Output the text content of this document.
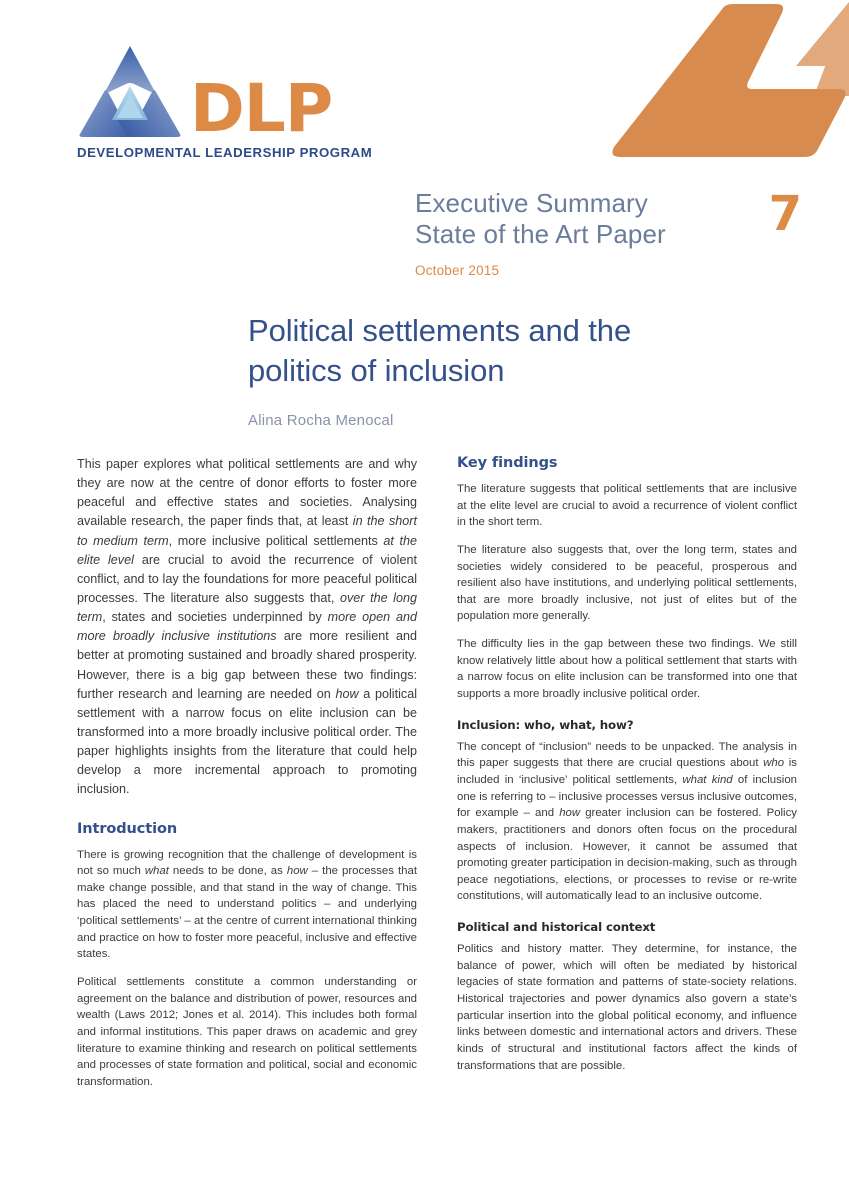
DLP
DEVELOPMENTAL LEADERSHIP PROGRAM
Executive Summary
State of the Art Paper
October 2015
7
Political settlements and the
politics of inclusion
Alina Rocha Menocal

This paper explores what political settlements are and why they are now at the centre of donor efforts to foster more peaceful and effective states and societies. Analysing available research, the paper finds that, at least in the short to medium term, more inclusive political settlements at the elite level are crucial to avoid the recurrence of violent conflict, and to lay the foundations for more peaceful political processes. The literature also suggests that, over the long term, states and societies underpinned by more open and more broadly inclusive institutions are more resilient and better at promoting sustained and broadly shared prosperity. However, there is a big gap between these two findings: further research and learning are needed on how a political settlement with a narrow focus on elite inclusion can be transformed into a more broadly inclusive political order. The paper highlights insights from the literature that could help develop a more incremental approach to promoting inclusion.

Introduction

There is growing recognition that the challenge of development is not so much what needs to be done, as how – the processes that make change possible, and that stand in the way of change. This has placed the need to understand politics – and underlying ‘political settlements’ – at the centre of current international thinking and practice on how to foster more peaceful, inclusive and effective states.

Political settlements constitute a common understanding or agreement on the balance and distribution of power, resources and wealth (Laws 2012; Jones et al. 2014). This includes both formal and informal institutions. This paper draws on academic and grey literature to examine thinking and research on political settlements and processes of state formation and political, social and economic transformation.

Key findings

The literature suggests that political settlements that are inclusive at the elite level are crucial to avoid a recurrence of violent conflict in the short term.

The literature also suggests that, over the long term, states and societies widely considered to be peaceful, prosperous and resilient also have institutions, and underlying political settlements, that are more broadly inclusive, not just of elites but of the population more generally.

The difficulty lies in the gap between these two findings. We still know relatively little about how a political settlement that starts with a narrow focus on elite inclusion can be transformed into one that supports a more broadly inclusive political order.

Inclusion: who, what, how?

The concept of “inclusion” needs to be unpacked. The analysis in this paper suggests that there are crucial questions about who is included in ‘inclusive’ political settlements, what kind of inclusion one is referring to – inclusive processes versus inclusive outcomes, for example – and how greater inclusion can be fostered. Policy makers, practitioners and donors often focus on the procedural aspects of inclusion. However, it cannot be assumed that promoting greater participation in decision-making, such as through peace negotiations, elections, or processes to revise or re-write constitutions, will automatically lead to an inclusive outcome.

Political and historical context

Politics and history matter. They determine, for instance, the balance of power, which will often be mediated by historical legacies of state formation and patterns of state-society relations. Historical trajectories and power dynamics also govern a state’s particular insertion into the global political economy, and influence links between domestic and international actors and drivers. These kinds of structural and institutional factors affect the kinds of transformations that are possible.
